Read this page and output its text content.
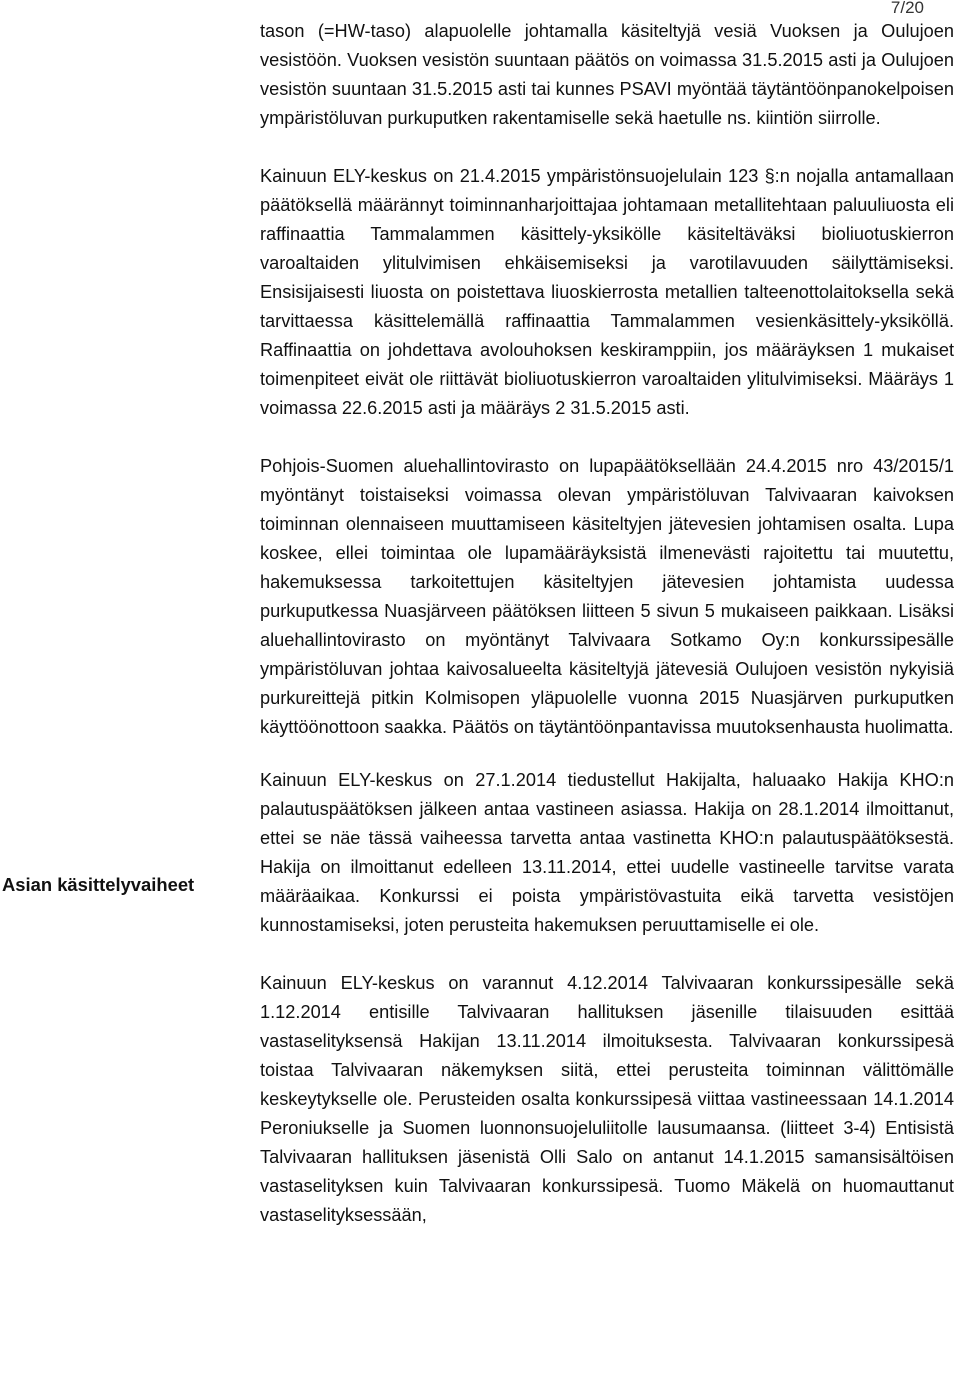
7/20
Asian käsittelyvaiheet

tason (=HW-taso) alapuolelle johtamalla käsiteltyjä vesiä Vuoksen ja Oulujoen vesistöön. Vuoksen vesistön suuntaan päätös on voimassa 31.5.2015 asti ja Oulujoen vesistön suuntaan 31.5.2015 asti tai kunnes PSAVI myöntää täytäntöönpanokelpoisen ympäristöluvan purkuputken rakentamiselle sekä haetulle ns. kiintiön siirrolle.

Kainuun ELY-keskus on 21.4.2015 ympäristönsuojelulain 123 §:n nojalla antamallaan päätöksellä määrännyt toiminnanharjoittajaa johtamaan metallitehtaan paluuliuosta eli raffinaattia Tammalammen käsittely-yksikölle käsiteltäväksi bioliuotuskierron varoaltaiden ylitulvimisen ehkäisemiseksi ja varotilavuuden säilyttämiseksi. Ensisijaisesti liuosta on poistettava liuoskierrosta metallien talteenottolaitoksella sekä tarvittaessa käsittelemällä raffinaattia Tammalammen vesienkäsittely-yksiköllä. Raffinaattia on johdettava avolouhoksen keskiramppiin, jos määräyksen 1 mukaiset toimenpiteet eivät ole riittävät bioliuotuskierron varoaltaiden ylitulvimiseksi. Määräys 1 voimassa 22.6.2015 asti ja määräys 2 31.5.2015 asti.

Pohjois-Suomen aluehallintovirasto on lupapäätöksellään 24.4.2015 nro 43/2015/1 myöntänyt toistaiseksi voimassa olevan ympäristöluvan Talvivaaran kaivoksen toiminnan olennaiseen muuttamiseen käsiteltyjen jätevesien johtamisen osalta. Lupa koskee, ellei toimintaa ole lupamääräyksistä ilmenevästi rajoitettu tai muutettu, hakemuksessa tarkoitettujen käsiteltyjen jätevesien johtamista uudessa purkuputkessa Nuasjärveen päätöksen liitteen 5 sivun 5 mukaiseen paikkaan. Lisäksi aluehallintovirasto on myöntänyt Talvivaara Sotkamo Oy:n konkurssipesälle ympäristöluvan johtaa kaivosalueelta käsiteltyjä jätevesiä Oulujoen vesistön nykyisiä purkureittejä pitkin Kolmisopen yläpuolelle vuonna 2015 Nuasjärven purkuputken käyttöönottoon saakka. Päätös on täytäntöönpantavissa muutoksenhausta huolimatta.

Kainuun ELY-keskus on 27.1.2014 tiedustellut Hakijalta, haluaako Hakija KHO:n palautuspäätöksen jälkeen antaa vastineen asiassa. Hakija on 28.1.2014 ilmoittanut, ettei se näe tässä vaiheessa tarvetta antaa vastinetta KHO:n palautuspäätöksestä. Hakija on ilmoittanut edelleen 13.11.2014, ettei uudelle vastineelle tarvitse varata määräaikaa. Konkurssi ei poista ympäristövastuita eikä tarvetta vesistöjen kunnostamiseksi, joten perusteita hakemuksen peruuttamiselle ei ole.

Kainuun ELY-keskus on varannut 4.12.2014 Talvivaaran konkurssipesälle sekä 1.12.2014 entisille Talvivaaran hallituksen jäsenille tilaisuuden esittää vastaselityksensä Hakijan 13.11.2014 ilmoituksesta. Talvivaaran konkurssipesä toistaa Talvivaaran näkemyksen siitä, ettei perusteita toiminnan välittömälle keskeytykselle ole. Perusteiden osalta konkurssipesä viittaa vastineessaan 14.1.2014 Peroniukselle ja Suomen luonnonsuojeluliitolle lausumaansa. (liitteet 3-4) Entisistä Talvivaaran hallituksen jäsenistä Olli Salo on antanut 14.1.2015 samansisältöisen vastaselityksen kuin Talvivaaran konkurssipesä. Tuomo Mäkelä on huomauttanut vastaselityksessään,
